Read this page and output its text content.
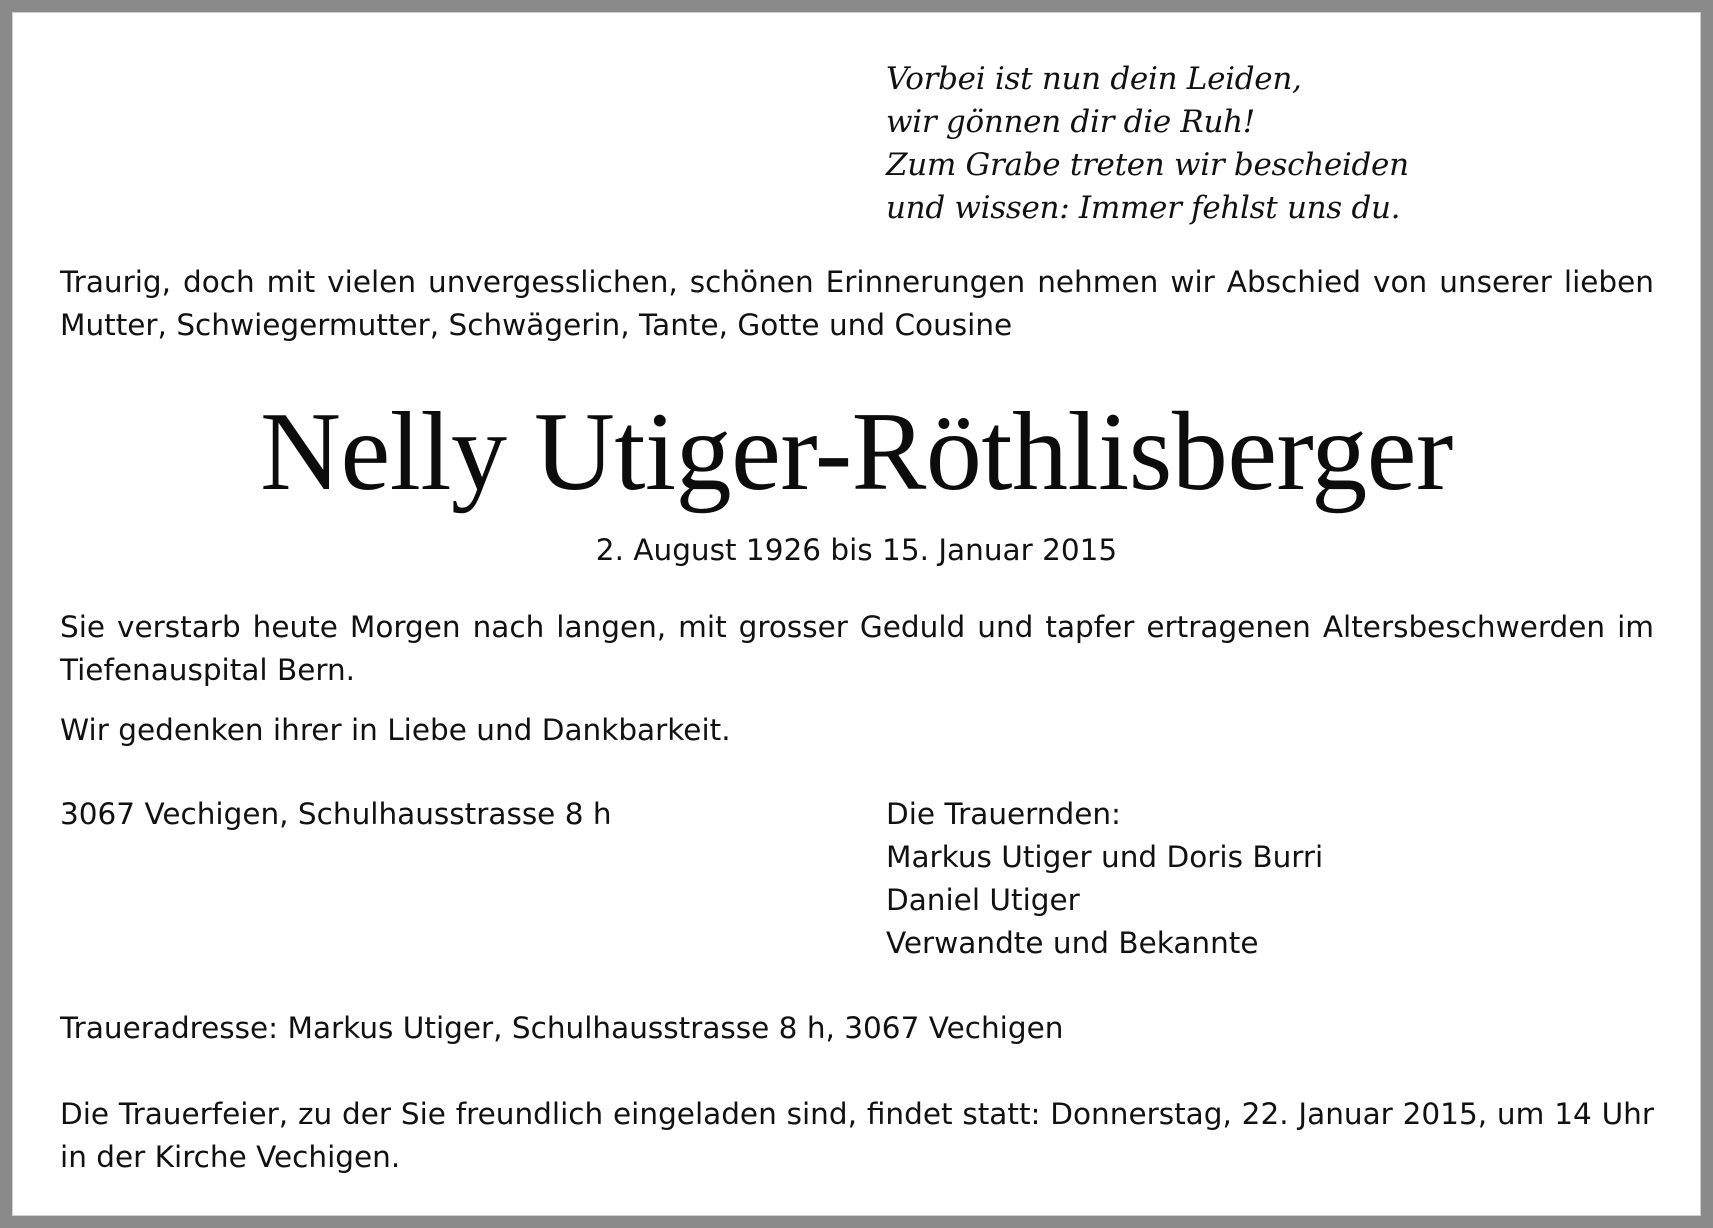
Vorbei ist nun dein Leiden,
wir gönnen dir die Ruh!
Zum Grabe treten wir bescheiden
und wissen: Immer fehlst uns du.
Traurig, doch mit vielen unvergesslichen, schönen Erinnerungen nehmen wir Abschied von unserer lieben Mutter, Schwiegermutter, Schwägerin, Tante, Gotte und Cousine
Nelly Utiger-Röthlisberger
2. August 1926 bis 15. Januar 2015
Sie verstarb heute Morgen nach langen, mit grosser Geduld und tapfer ertragenen Altersbeschwerden im Tiefenauspital Bern.
Wir gedenken ihrer in Liebe und Dankbarkeit.
3067 Vechigen, Schulhausstrasse 8 h	Die Trauernden:
Markus Utiger und Doris Burri
Daniel Utiger
Verwandte und Bekannte
Traueradresse: Markus Utiger, Schulhausstrasse 8 h, 3067 Vechigen
Die Trauerfeier, zu der Sie freundlich eingeladen sind, findet statt: Donnerstag, 22. Januar 2015, um 14 Uhr in der Kirche Vechigen.
